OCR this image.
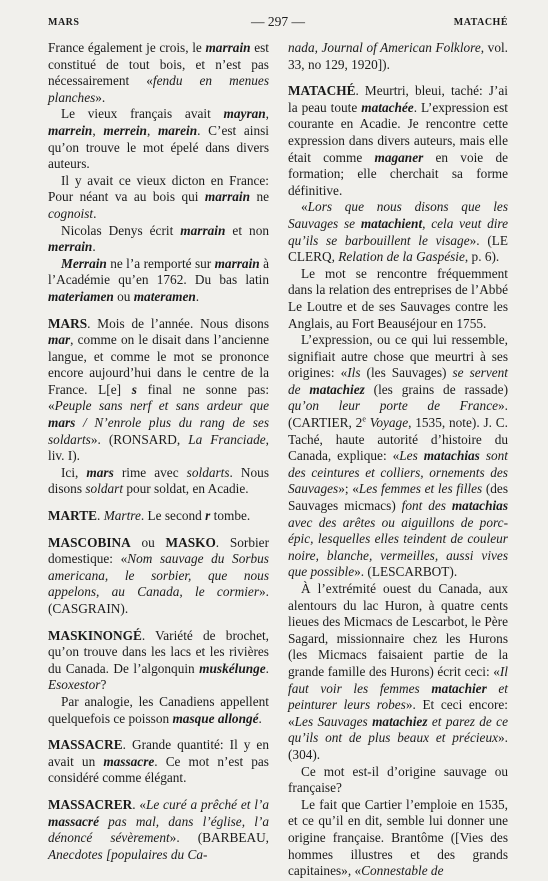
MARS	— 297 —	MATACHÉ

France également je crois, le marrain est constitué de tout bois, et n’est pas nécessairement «fendu en menues planches».

Le vieux français avait mayran, marrein, merrein, marein. C’est ainsi qu’on trouve le mot épelé dans divers auteurs.

Il y avait ce vieux dicton en France: Pour néant va au bois qui marrain ne cognoist.

Nicolas Denys écrit marrain et non merrain.

Merrain ne l’a remporté sur marrain à l’Académie qu’en 1762. Du bas latin materiamen ou materamen.

MARS. Mois de l’année. Nous disons mar, comme on le disait dans l’ancienne langue, et comme le mot se prononce encore aujourd’hui dans le centre de la France. L[e] s final ne sonne pas: «Peuple sans nerf et sans ardeur que mars / N’enrole plus du rang de ses soldarts». (RONSARD, La Franciade, liv. I).

Ici, mars rime avec soldarts. Nous disons soldart pour soldat, en Acadie.

MARTE. Martre. Le second r tombe.

MASCOBINA ou MASKO. Sorbier domestique: «Nom sauvage du Sorbus americana, le sorbier, que nous appelons, au Canada, le cormier». (CASGRAIN).

MASKINONGÉ. Variété de brochet, qu’on trouve dans les lacs et les rivières du Canada. De l’algonquin muskélunge. Esoxestor?

Par analogie, les Canadiens appellent quelquefois ce poisson masque allongé.

MASSACRE. Grande quantité: Il y en avait un massacre. Ce mot n’est pas considéré comme élégant.

MASSACRER. «Le curé a prêché et l’a massacré pas mal, dans l’église, l’a dénoncé sévèrement». (BARBEAU, Anecdotes [populaires du Ca-

nada, Journal of American Folklore, vol. 33, no 129, 1920]).

MATACHÉ. Meurtri, bleui, taché: J’ai la peau toute matachée. L’expression est courante en Acadie. Je rencontre cette expression dans divers auteurs, mais elle était comme maganer en voie de formation; elle cherchait sa forme définitive.

«Lors que nous disons que les Sauvages se matachient, cela veut dire qu’ils se barbouillent le visage». (LE CLERQ, Relation de la Gaspésie, p. 6).

Le mot se rencontre fréquemment dans la relation des entreprises de l’Abbé Le Loutre et de ses Sauvages contre les Anglais, au Fort Beauséjour en 1755.

L’expression, ou ce qui lui ressemble, signifiait autre chose que meurtri à ses origines: «Ils (les Sauvages) se servent de matachiez (les grains de rassade) qu’on leur porte de France». (CARTIER, 2e Voyage, 1535, note). J. C. Taché, haute autorité d’histoire du Canada, explique: «Les matachias sont des ceintures et colliers, ornements des Sauvages»; «Les femmes et les filles (des Sauvages micmacs) font des matachias avec des arêtes ou aiguillons de porc-épic, lesquelles elles teindent de couleur noire, blanche, vermeilles, aussi vives que possible». (LESCARBOT).

À l’extrémité ouest du Canada, aux alentours du lac Huron, à quatre cents lieues des Micmacs de Lescarbot, le Père Sagard, missionnaire chez les Hurons (les Micmacs faisaient partie de la grande famille des Hurons) écrit ceci: «Il faut voir les femmes matachier et peinturer leurs robes». Et ceci encore: «Les Sauvages matachiez et parez de ce qu’ils ont de plus beaux et précieux». (304).

Ce mot est-il d’origine sauvage ou française?

Le fait que Cartier l’emploie en 1535, et ce qu’il en dit, semble lui donner une origine française. Brantôme ([Vies des hommes illustres et des grands capitaines», «Connestable de
